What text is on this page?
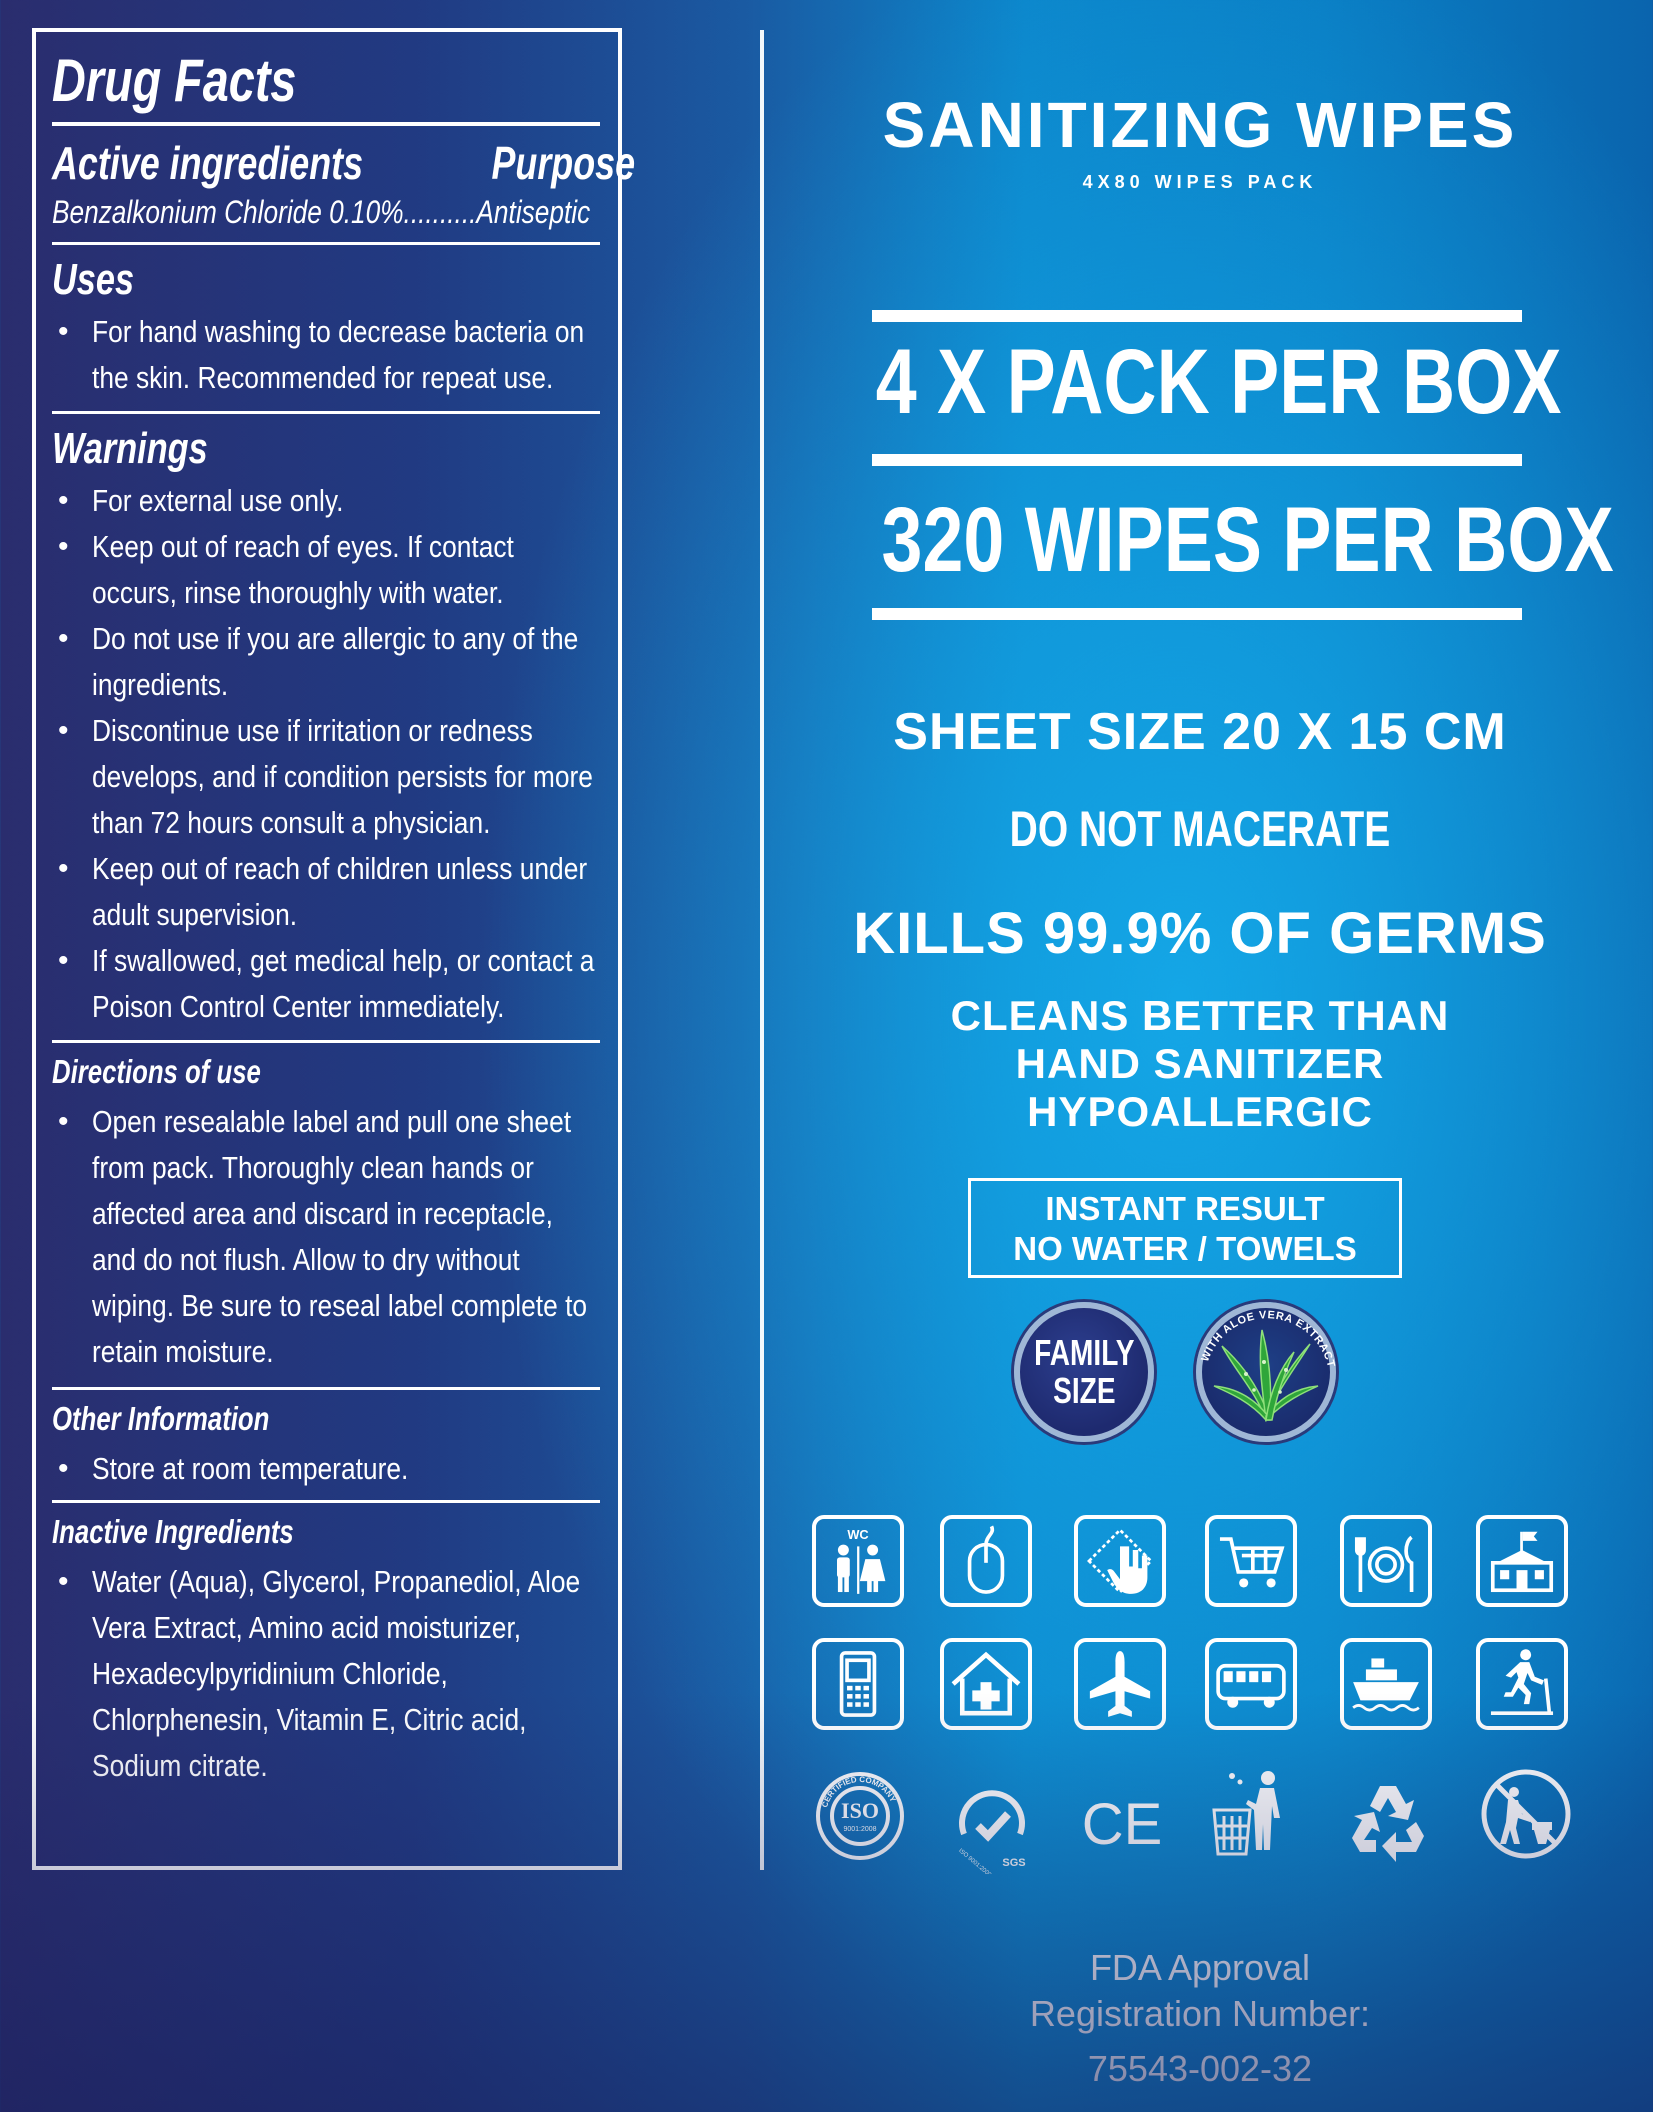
Drug Facts
Active ingredients	Purpose
Benzalkonium Chloride 0.10%..........Antiseptic
Uses
• For hand washing to decrease bacteria on the skin. Recommended for repeat use.
Warnings
• For external use only.
• Keep out of reach of eyes. If contact occurs, rinse thoroughly with water.
• Do not use if you are allergic to any of the ingredients.
• Discontinue use if irritation or redness develops, and if condition persists for more than 72 hours consult a physician.
• Keep out of reach of children unless under adult supervision.
• If swallowed, get medical help, or contact a Poison Control Center immediately.
Directions of use
• Open resealable label and pull one sheet from pack. Thoroughly clean hands or affected area and discard in receptacle, and do not flush. Allow to dry without wiping. Be sure to reseal label complete to retain moisture.
Other Information
• Store at room temperature.
Inactive Ingredients
• Water (Aqua), Glycerol, Propanediol, Aloe Vera Extract, Amino acid moisturizer, Hexadecylpyridinium Chloride, Chlorphenesin, Vitamin E, Citric acid, Sodium citrate.
SANITIZING WIPES
4X80 WIPES PACK
4 X PACK PER BOX
320 WIPES PER BOX
SHEET SIZE 20 X 15 CM
DO NOT MACERATE
KILLS 99.9% OF GERMS
CLEANS BETTER THAN
HAND SANITIZER
HYPOALLERGIC
INSTANT RESULT
NO WATER / TOWELS
FAMILY
SIZE
WITH ALOE VERA EXTRACT
WC
ISO
9001:2008
CERTIFIED COMPANY
SGS
ISO 9001:2000
CE
FDA Approval
Registration Number:
75543-002-32
